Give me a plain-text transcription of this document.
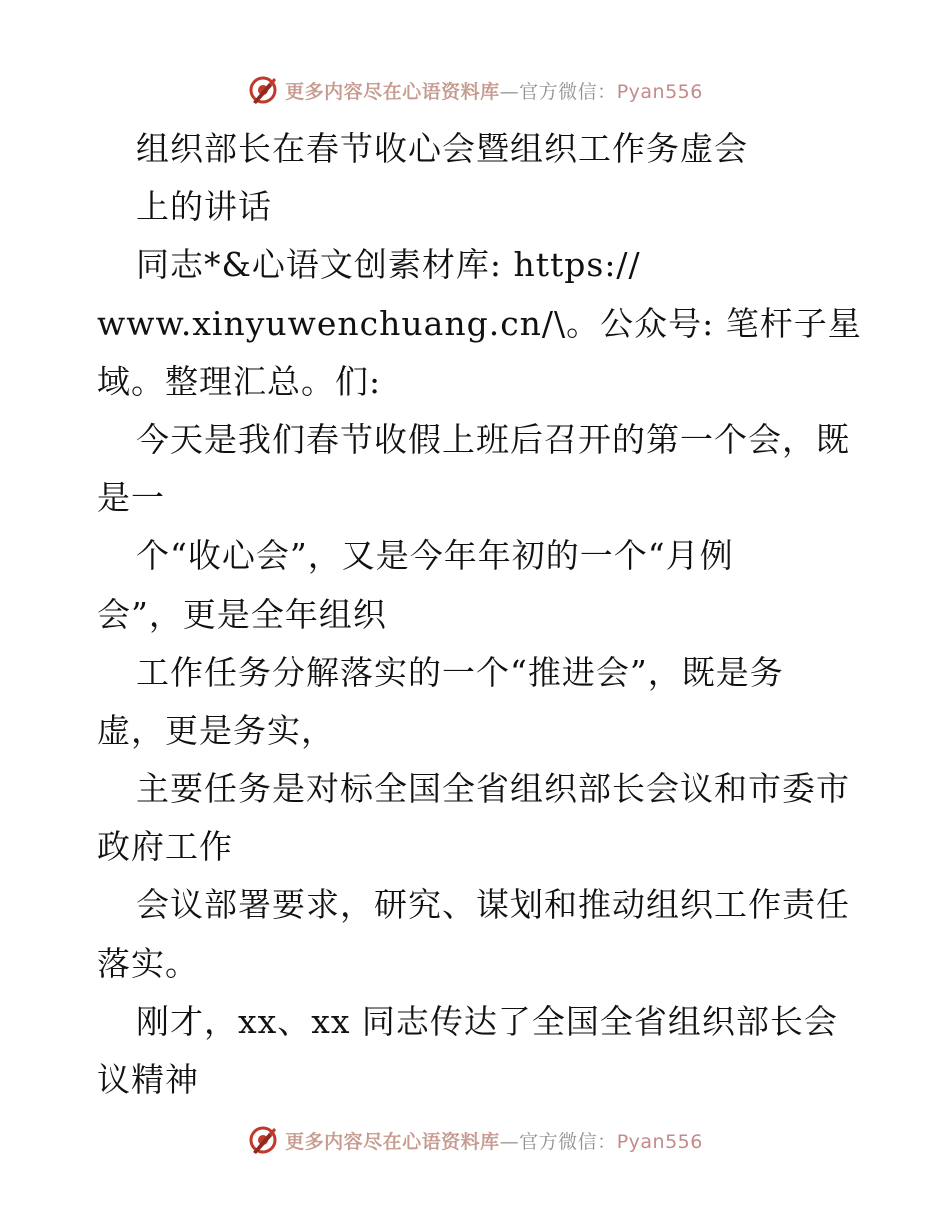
更多内容尽在心语资料库—官方微信：Pyan556
组织部长在春节收心会暨组织工作务虚会
上的讲话
同志*&心语文创素材库: https://
www.xinyuwenchuang.cn/\。公众号: 笔杆子星
域。整理汇总。们:
今天是我们春节收假上班后召开的第一个会，既
是一
个“收心会”，又是今年年初的一个“月例
会”，更是全年组织
工作任务分解落实的一个“推进会”，既是务
虚，更是务实，
主要任务是对标全国全省组织部长会议和市委市
政府工作
会议部署要求，研究、谋划和推动组织工作责任
落实。
刚才，xx、xx 同志传达了全国全省组织部长会
议精神
更多内容尽在心语资料库—官方微信：Pyan556
